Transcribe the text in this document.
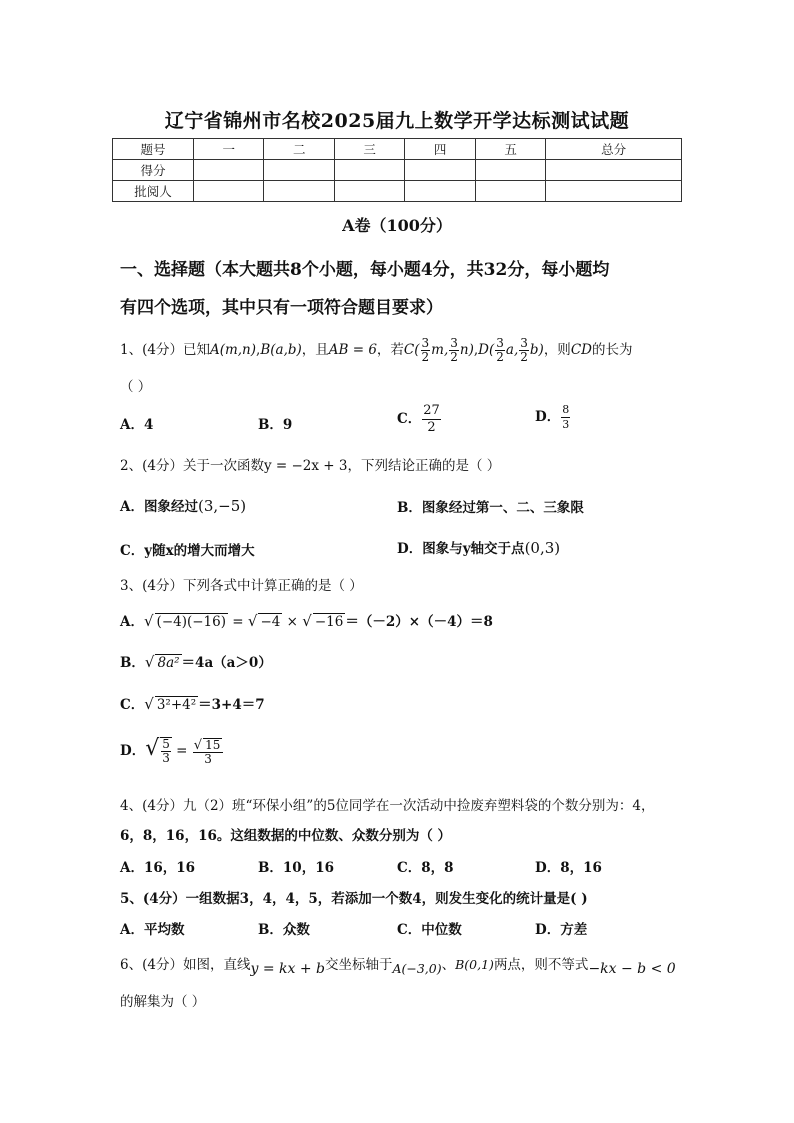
辽宁省锦州市名校2025届九上数学开学达标测试试题
题号	一	二	三	四	五	总分
得分						
批阅人						
A卷（100分）
一、选择题（本大题共8个小题，每小题4分，共32分，每小题均
有四个选项，其中只有一项符合题目要求）
1、(4分）已知A(m,n),B(a,b)，且AB = 6，若$C( \frac{3}{2} m$, $\frac{3}{2} n),D( \frac{3}{2} a$, $\frac{3}{2} b$)，则CD的长为
（ ）
A．4	B．9	C． $\frac{27}{2}$	D． $\frac{8}{3}$
2、(4分）关于一次函数y = −2x + 3，下列结论正确的是（ ）
A．图象经过(3,−5)	B．图象经过第一、二、三象限
C．y随x的增大而增大	D．图象与y轴交于点(0,3)
3、(4分）下列各式中计算正确的是（ ）
A．√ (−4)(−16) = √ −4 × √ −16 ＝（－2）×（－4）＝8
B．√ 8a² ＝4a（a＞0）
C．√ 3²+4² ＝3+4＝7
D．√ $\frac{5}{3} = \frac{√ 15}{3}$
4、(4分）九（2）班“环保小组”的5位同学在一次活动中捡废弃塑料袋的个数分别为：4，
6，8，16，16。这组数据的中位数、众数分别为（ ）
A．16，16	B．10，16	C．8，8	D．8，16
5、(4分）一组数据3，4，4，5，若添加一个数4，则发生变化的统计量是( )
A．平均数	B．众数	C．中位数	D．方差
6、(4分）如图，直线y = kx + b交坐标轴于A(−3,0)、B(0,1)两点，则不等式−kx − b < 0
的解集为（ ）
